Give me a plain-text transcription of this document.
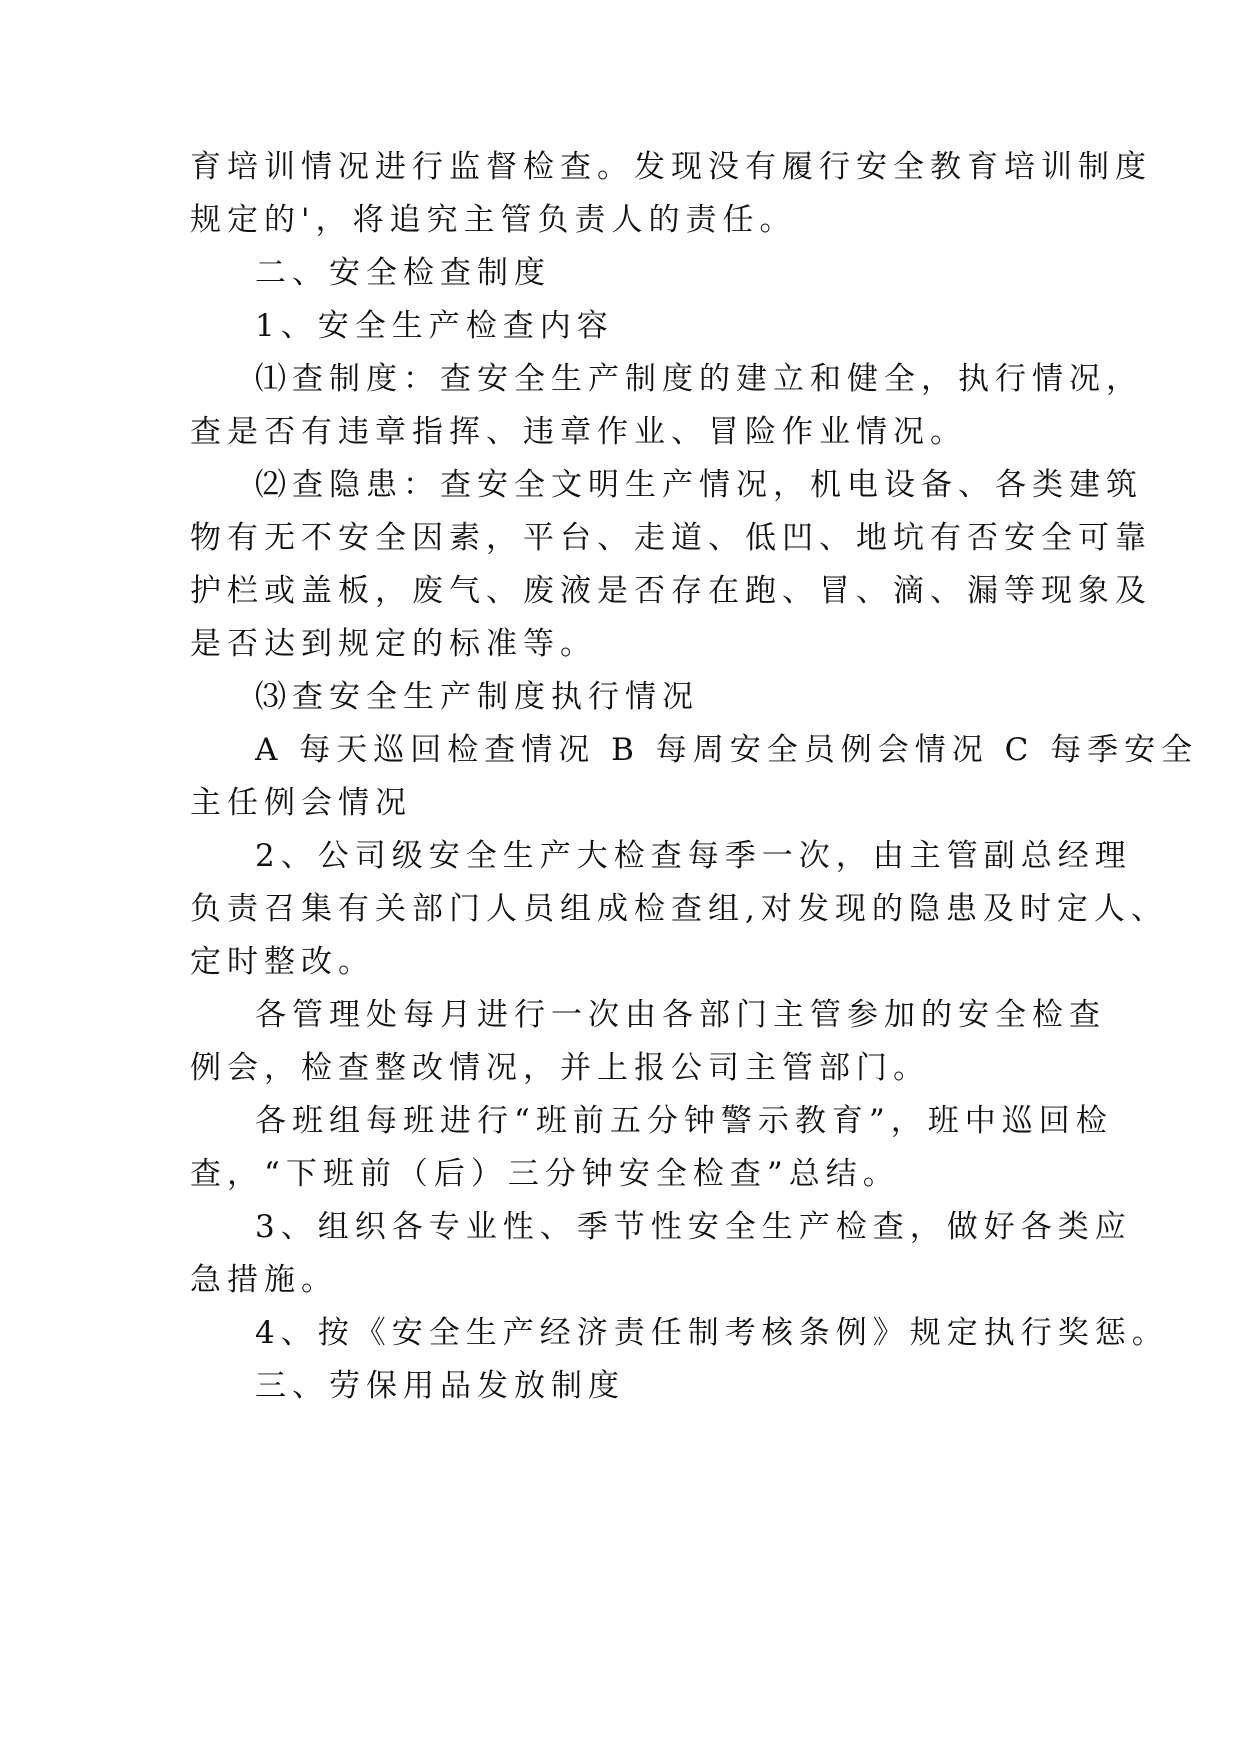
育培训情况进行监督检查。发现没有履行安全教育培训制度
规定的'，将追究主管负责人的责任。
二、安全检查制度
1、安全生产检查内容
⑴查制度：查安全生产制度的建立和健全，执行情况，
查是否有违章指挥、违章作业、冒险作业情况。
⑵查隐患：查安全文明生产情况，机电设备、各类建筑
物有无不安全因素，平台、走道、低凹、地坑有否安全可靠
护栏或盖板，废气、废液是否存在跑、冒、滴、漏等现象及
是否达到规定的标准等。
⑶查安全生产制度执行情况
A 每天巡回检查情况 B 每周安全员例会情况 C 每季安全
主任例会情况
2、公司级安全生产大检查每季一次，由主管副总经理
负责召集有关部门人员组成检查组,对发现的隐患及时定人、
定时整改。
各管理处每月进行一次由各部门主管参加的安全检查
例会，检查整改情况，并上报公司主管部门。
各班组每班进行“班前五分钟警示教育”，班中巡回检
查，“下班前（后）三分钟安全检查”总结。
3、组织各专业性、季节性安全生产检查，做好各类应
急措施。
4、按《安全生产经济责任制考核条例》规定执行奖惩。
三、劳保用品发放制度
